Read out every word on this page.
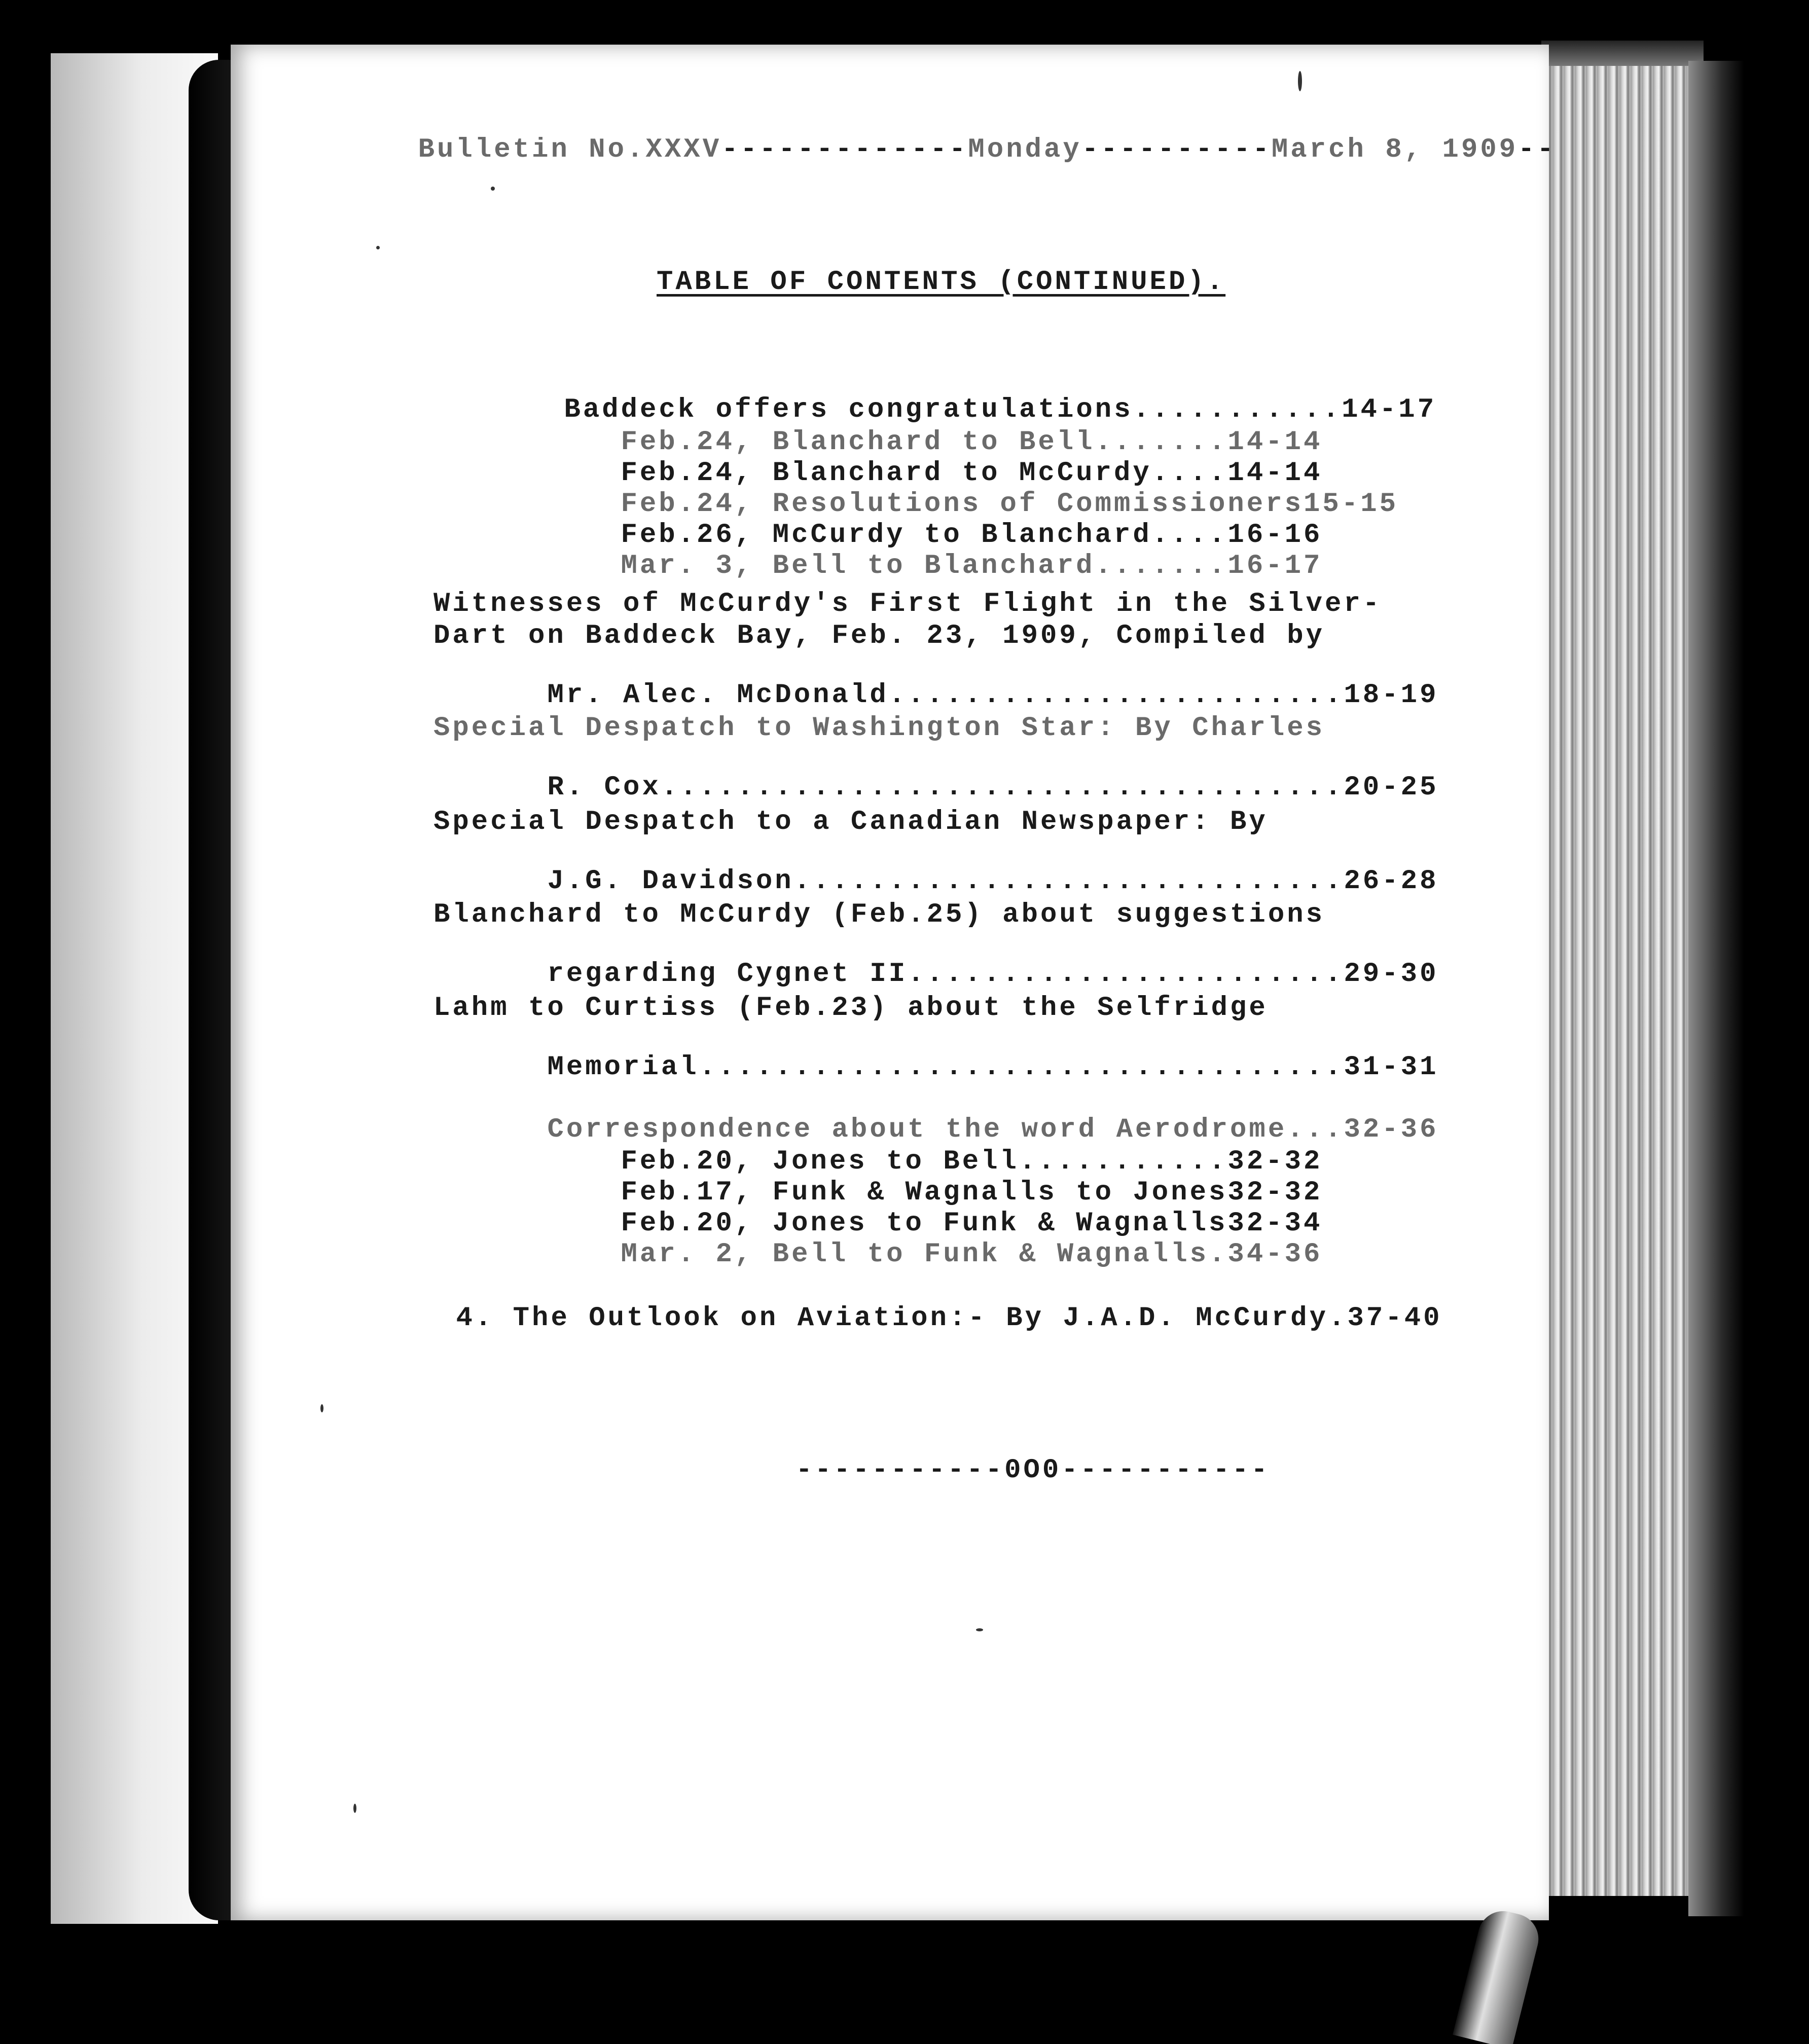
Bulletin No.XXXV-------------Monday----------March 8, 1909--

TABLE OF CONTENTS (CONTINUED).

Baddeck offers congratulations...........14-17

Feb.24, Blanchard to Bell.......14-14

Feb.24, Blanchard to McCurdy....14-14

Feb.24, Resolutions of Commissioners15-15

Feb.26, McCurdy to Blanchard....16-16

Mar. 3, Bell to Blanchard.......16-17

Witnesses of McCurdy's First Flight in the Silver-
Dart on Baddeck Bay, Feb. 23, 1909, Compiled by

Mr. Alec. McDonald........................18-19

Special Despatch to Washington Star: By Charles

R. Cox....................................20-25

Special Despatch to a Canadian Newspaper: By

J.G. Davidson.............................26-28

Blanchard to McCurdy (Feb.25) about suggestions

regarding Cygnet II.......................29-30

Lahm to Curtiss (Feb.23) about the Selfridge

Memorial..................................31-31

Correspondence about the word Aerodrome...32-36

Feb.20, Jones to Bell...........32-32

Feb.17, Funk & Wagnalls to Jones32-32

Feb.20, Jones to Funk & Wagnalls32-34

Mar. 2, Bell to Funk & Wagnalls.34-36

4. The Outlook on Aviation:- By J.A.D. McCurdy.37-40

-----------0O0-----------
